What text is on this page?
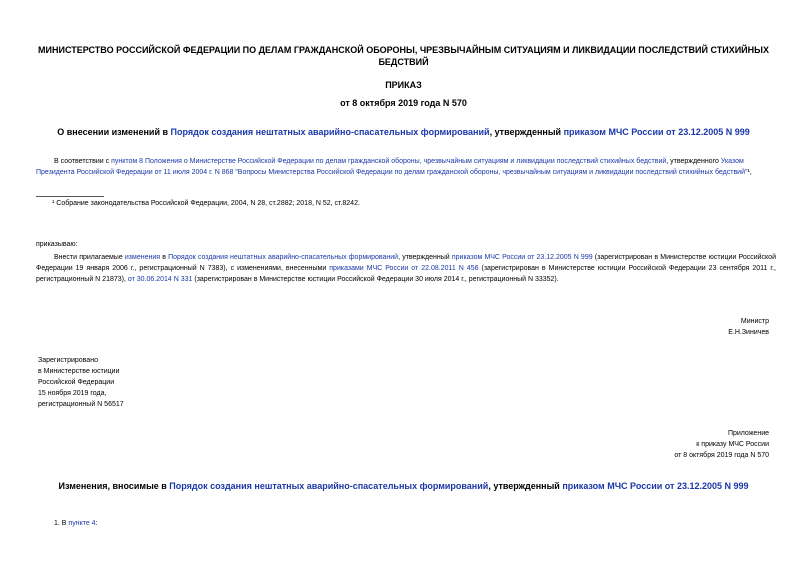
МИНИСТЕРСТВО РОССИЙСКОЙ ФЕДЕРАЦИИ ПО ДЕЛАМ ГРАЖДАНСКОЙ ОБОРОНЫ, ЧРЕЗВЫЧАЙНЫМ СИТУАЦИЯМ И ЛИКВИДАЦИИ ПОСЛЕДСТВИЙ СТИХИЙНЫХ БЕДСТВИЙ
ПРИКАЗ
от 8 октября 2019 года N 570
О внесении изменений в Порядок создания нештатных аварийно-спасательных формирований, утвержденный приказом МЧС России от 23.12.2005 N 999
В соответствии с пунктом 8 Положения о Министерстве Российской Федерации по делам гражданской обороны, чрезвычайным ситуациям и ликвидации последствий стихийных бедствий, утвержденного Указом Президента Российской Федерации от 11 июля 2004 г. N 868 "Вопросы Министерства Российской Федерации по делам гражданской обороны, чрезвычайным ситуациям и ликвидации последствий стихийных бедствий"¹,
¹ Собрание законодательства Российской Федерации, 2004, N 28, ст.2882; 2018, N 52, ст.8242.
приказываю:
Внести прилагаемые изменения в Порядок создания нештатных аварийно-спасательных формирований, утвержденный приказом МЧС России от 23.12.2005 N 999 (зарегистрирован в Министерстве юстиции Российской Федерации 19 января 2006 г., регистрационный N 7383), с изменениями, внесенными приказами МЧС России от 22.08.2011 N 456 (зарегистрирован в Министерстве юстиции Российской Федерации 23 сентября 2011 г., регистрационный N 21873), от 30.06.2014 N 331 (зарегистрирован в Министерстве юстиции Российской Федерации 30 июля 2014 г., регистрационный N 33352).
Министр
Е.Н.Зиничев
Зарегистрировано
в Министерстве юстиции
Российской Федерации
15 ноября 2019 года,
регистрационный N 56517
Приложение
к приказу МЧС России
от 8 октября 2019 года N 570
Изменения, вносимые в Порядок создания нештатных аварийно-спасательных формирований, утвержденный приказом МЧС России от 23.12.2005 N 999
1. В пункте 4:
